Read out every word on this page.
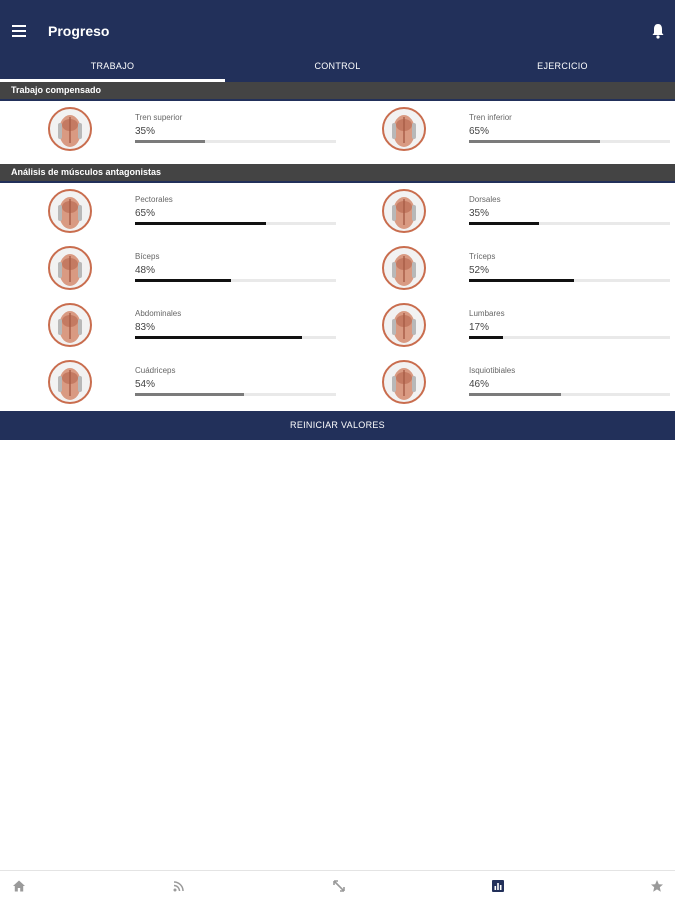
Progreso
TRABAJO	CONTROL	EJERCICIO
Trabajo compensado
Análisis de músculos antagonistas
Tren superior
35%
Tren inferior
65%
Pectorales
65%
Dorsales
35%
Bíceps
48%
Tríceps
52%
Abdominales
83%
Lumbares
17%
Cuádriceps
54%
Isquiotibiales
46%
REINICIAR VALORES
